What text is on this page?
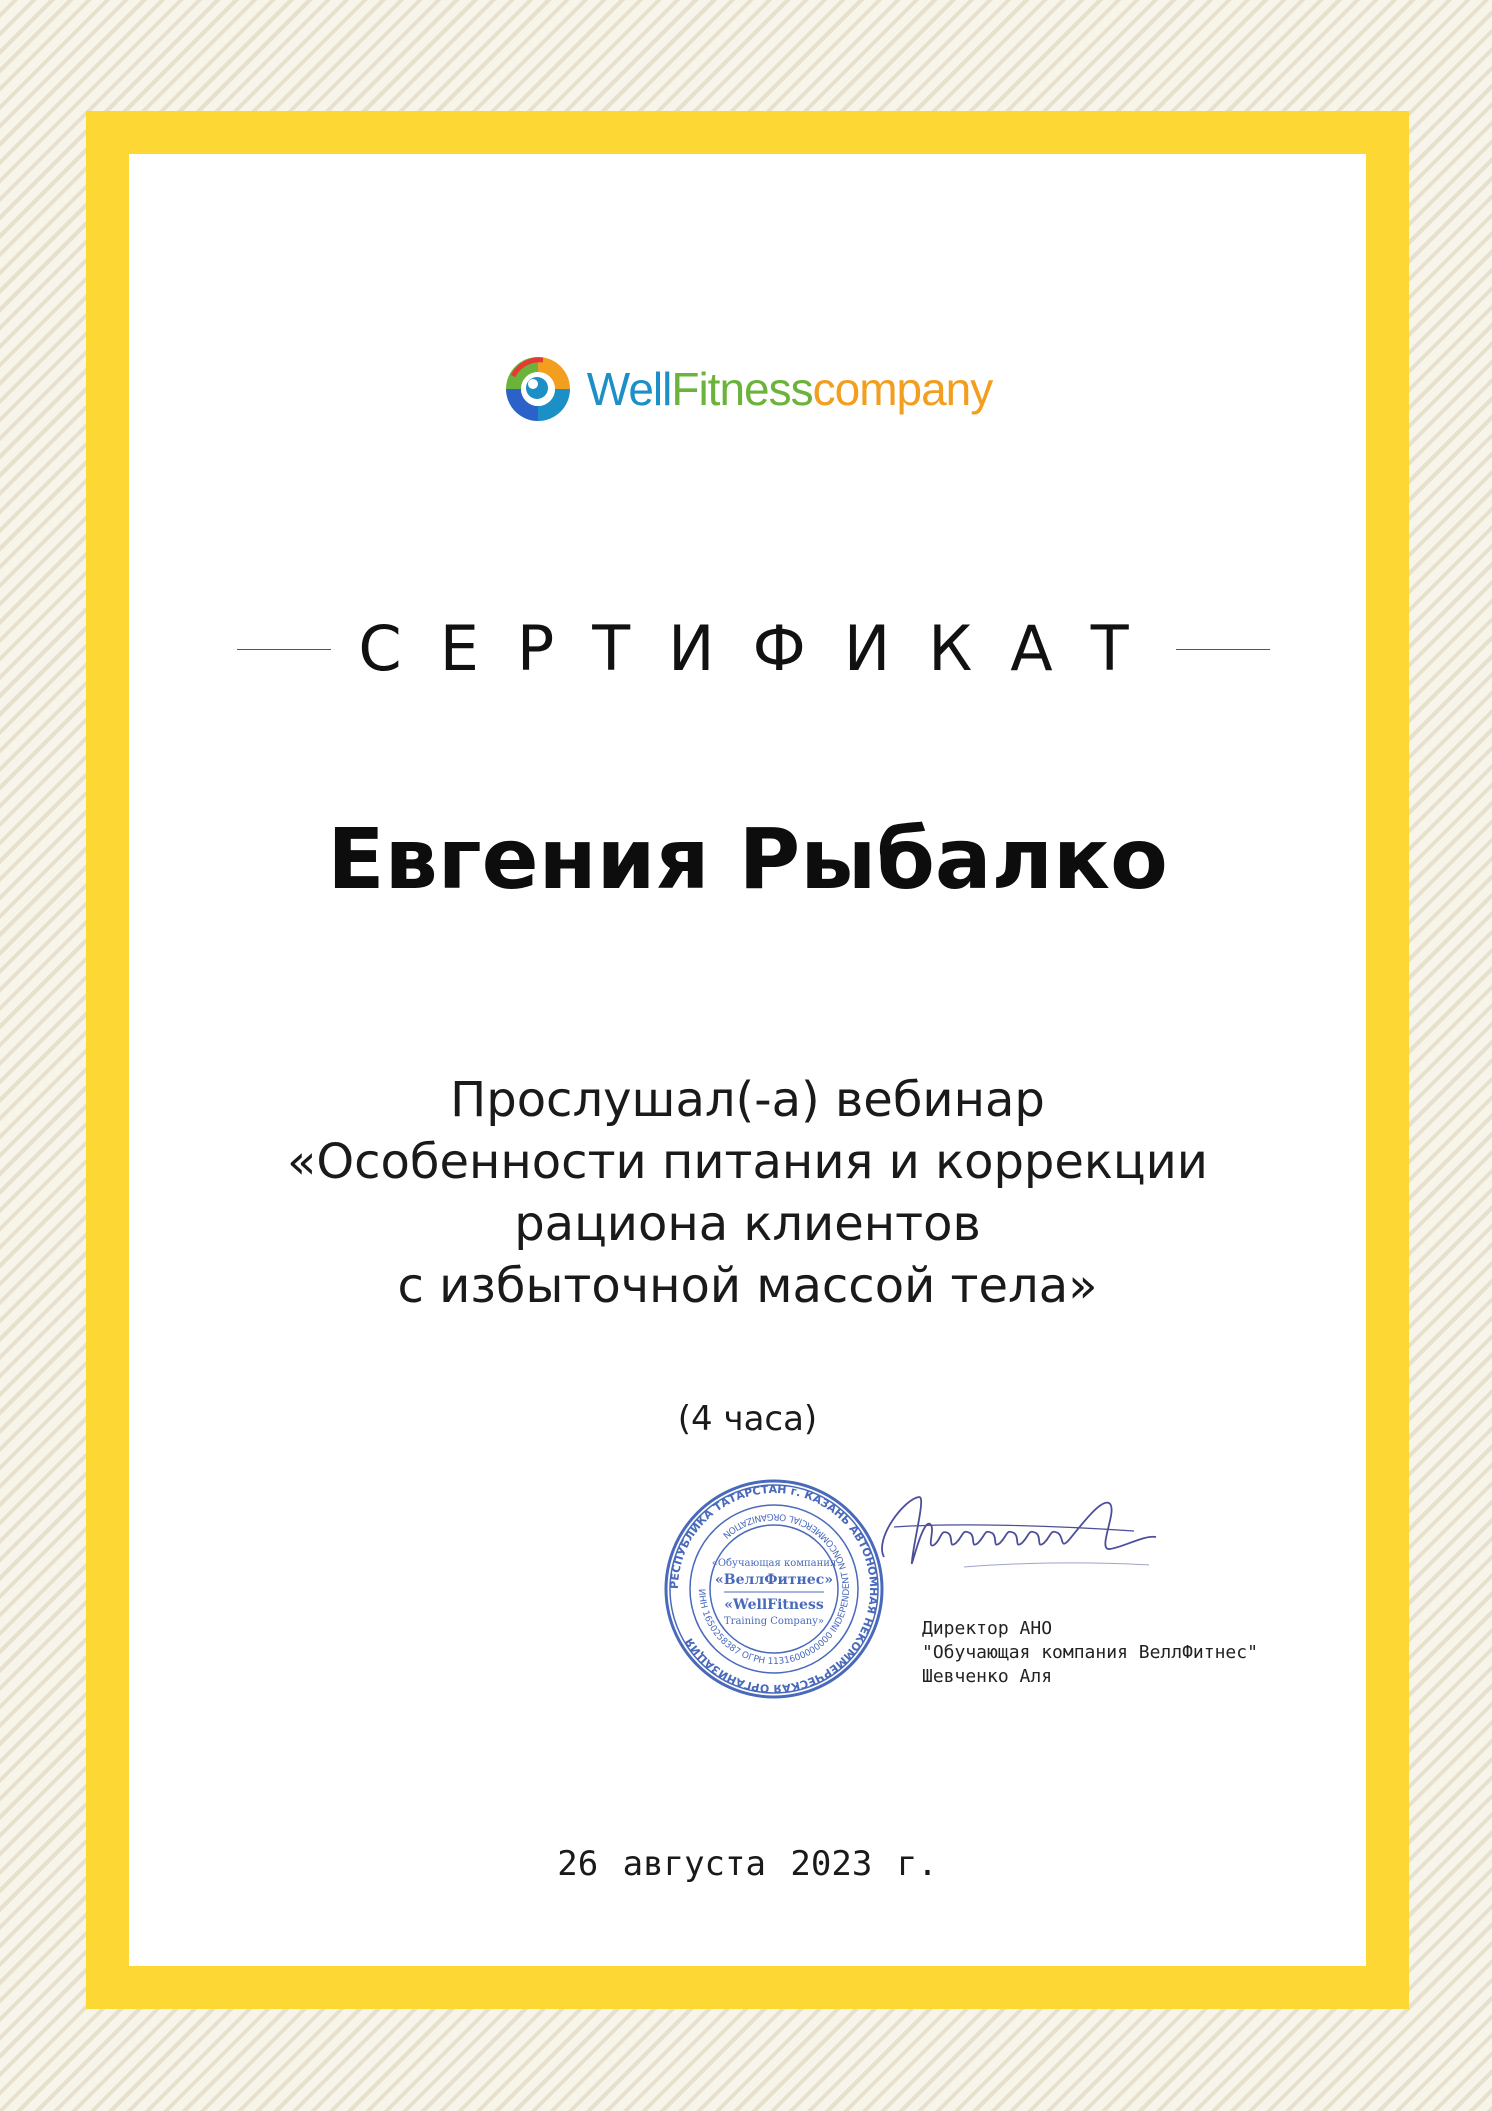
WellFitnesscompany
СЕРТИФИКАТ
Евгения Рыбалко
Прослушал(-а) вебинар
«Особенности питания и коррекции
рациона клиентов
с избыточной массой тела»
(4 часа)
РЕСПУБЛИКА ТАТАРСТАН г. КАЗАНЬ АВТОНОМНАЯ НЕКОММЕРЧЕСКАЯ ОРГАНИЗАЦИЯ
ИНН 1650258387 ОГРН 1131600000000 INDEPENDENT NONCOMMERCIAL ORGANIZATION
«Обучающая компания
«ВеллФитнес»
«WellFitness
Training Company»	Директор АНО
"Обучающая компания ВеллФитнес"
Шевченко Аля
26 августа 2023 г.
